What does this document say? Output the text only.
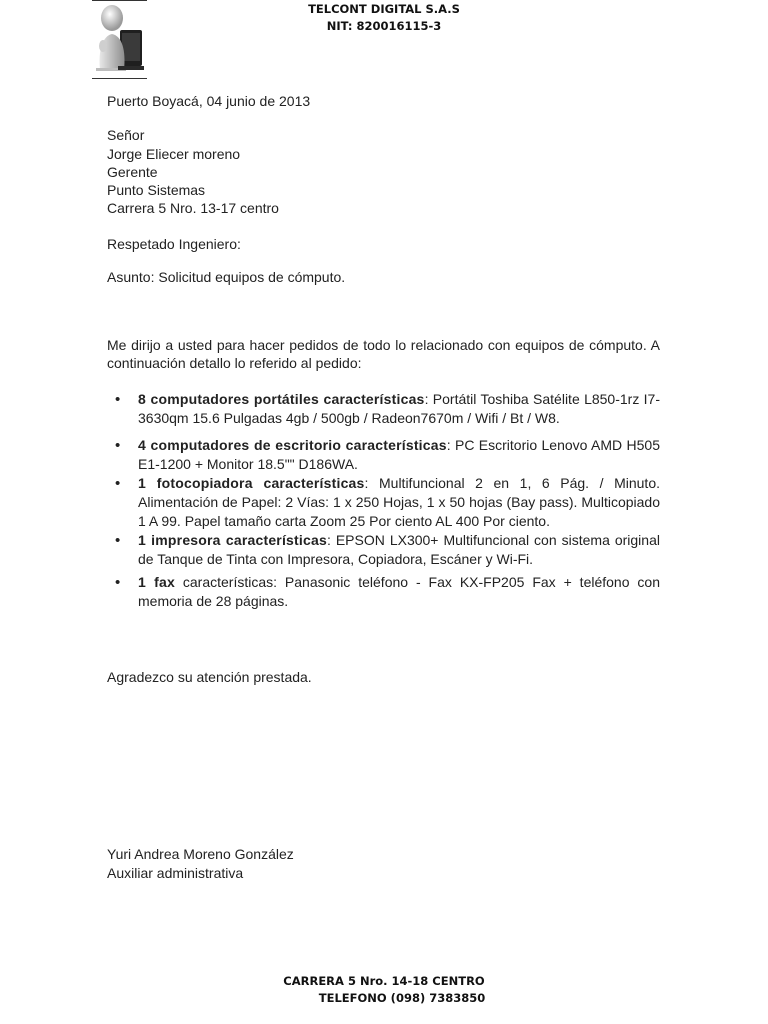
TELCONT DIGITAL S.A.S
NIT: 820016115-3
Puerto Boyacá, 04 junio de 2013
Señor
Jorge Eliecer moreno
Gerente
Punto Sistemas
Carrera 5 Nro. 13-17 centro
Respetado Ingeniero:
Asunto: Solicitud equipos de cómputo.
Me dirijo a usted para hacer pedidos de todo lo relacionado con equipos de cómputo. A continuación detallo lo referido al pedido:
• 8 computadores portátiles características: Portátil Toshiba Satélite L850-1rz I7-3630qm 15.6 Pulgadas 4gb / 500gb / Radeon7670m / Wifi / Bt / W8.
• 4 computadores de escritorio características: PC Escritorio Lenovo AMD H505 E1-1200 + Monitor 18.5"" D186WA.
• 1 fotocopiadora características: Multifuncional 2 en 1, 6 Pág. / Minuto. Alimentación de Papel: 2 Vías: 1 x 250 Hojas, 1 x 50 hojas (Bay pass). Multicopiado 1 A 99. Papel tamaño carta Zoom 25 Por ciento AL 400 Por ciento.
• 1 impresora características: EPSON LX300+ Multifuncional con sistema original de Tanque de Tinta con Impresora, Copiadora, Escáner y Wi-Fi.
• 1 fax características: Panasonic teléfono - Fax KX-FP205 Fax + teléfono con memoria de 28 páginas.
Agradezco su atención prestada.
Yuri Andrea Moreno González
Auxiliar administrativa
CARRERA 5 Nro. 14-18 CENTRO
TELEFONO (098) 7383850
